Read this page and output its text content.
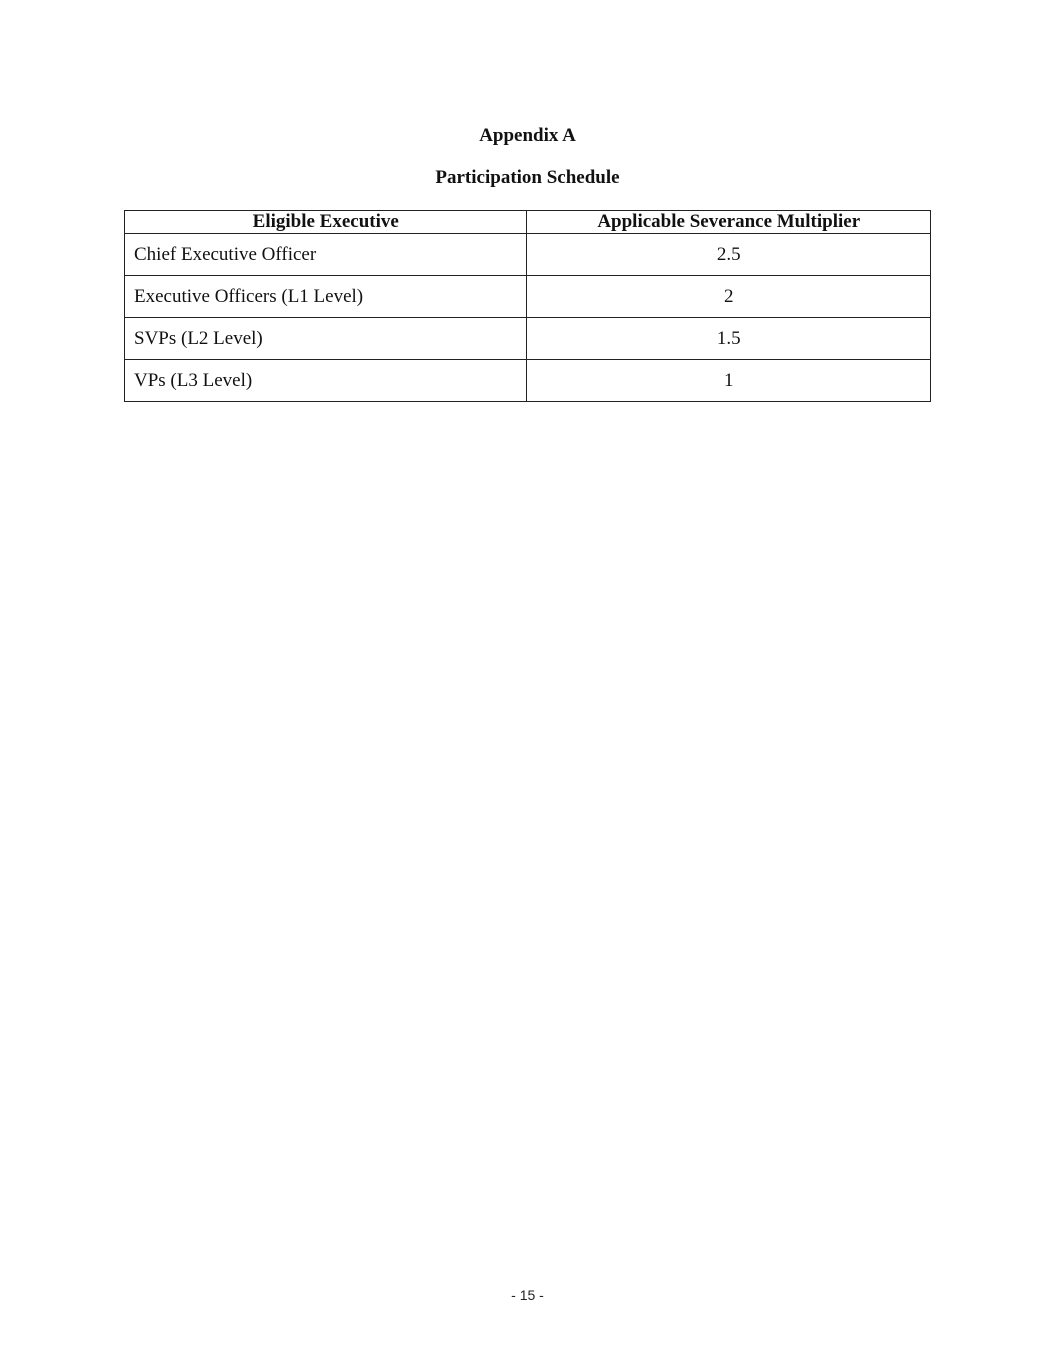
Appendix A
Participation Schedule
Eligible Executive	Applicable Severance Multiplier
Chief Executive Officer	2.5
Executive Officers (L1 Level)	2
SVPs (L2 Level)	1.5
VPs (L3 Level)	1
- 15 -
